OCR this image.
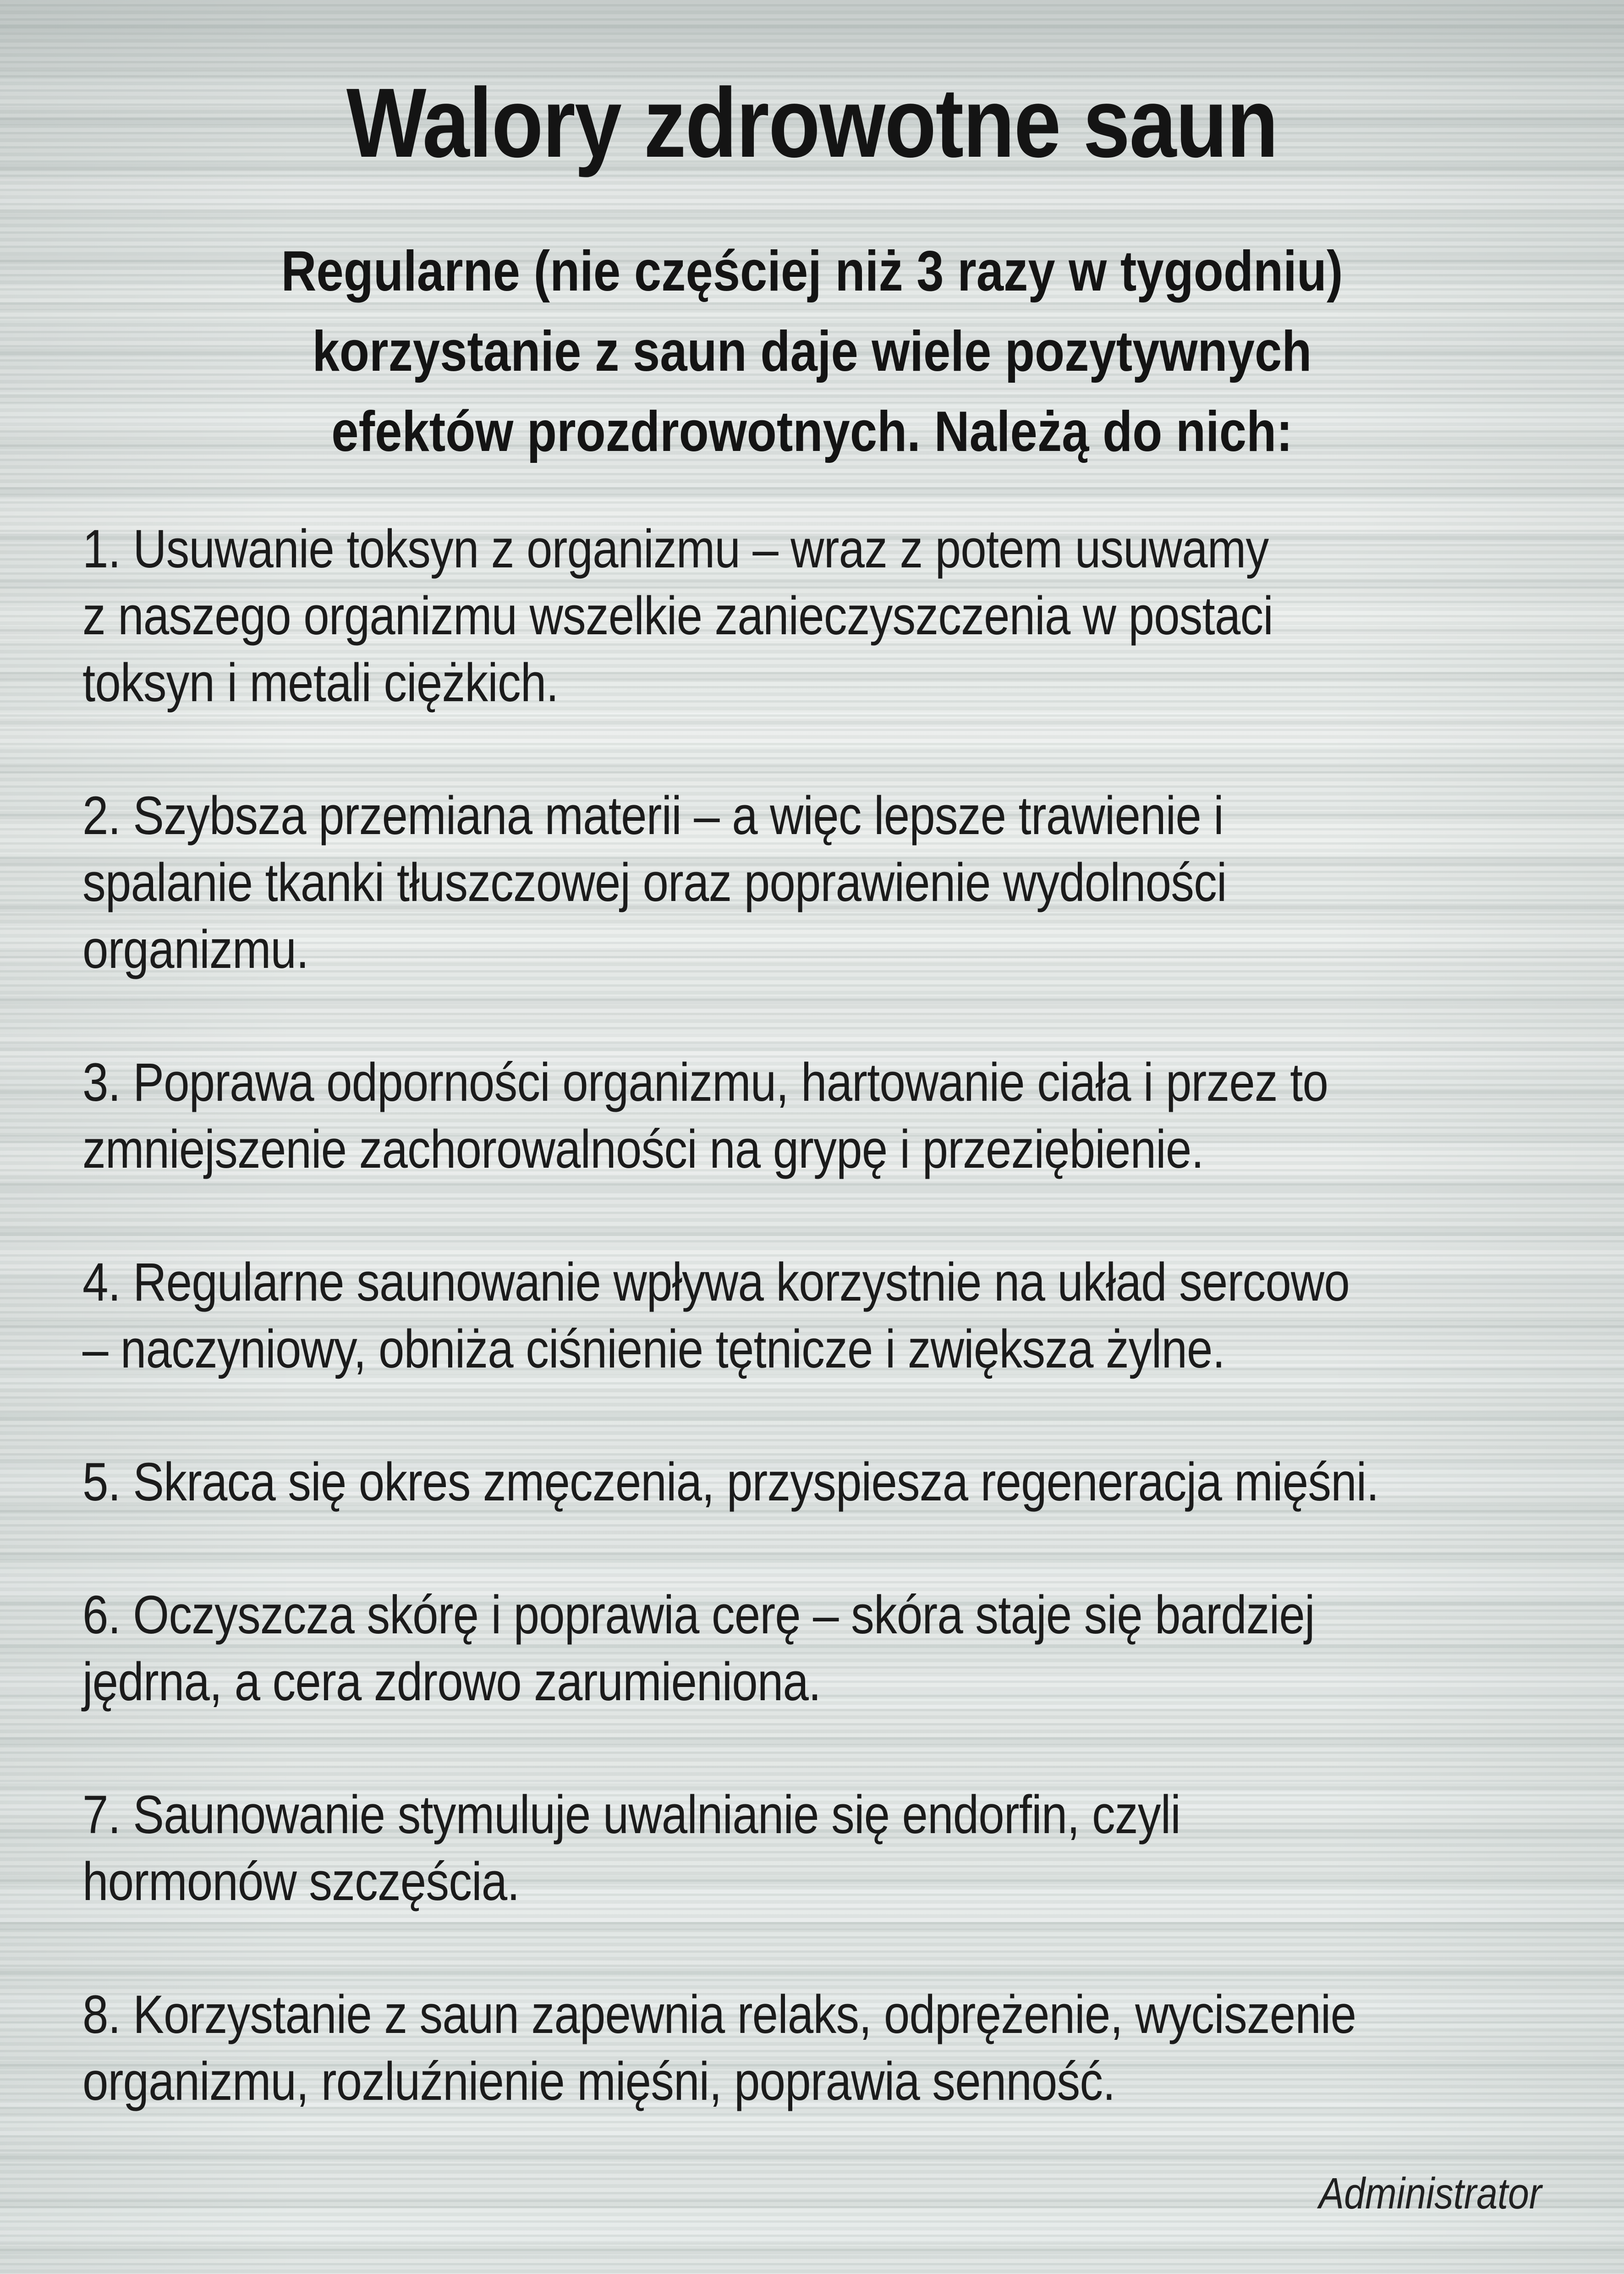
Walory zdrowotne saun
Regularne (nie częściej niż 3 razy w tygodniu)
korzystanie z saun daje wiele pozytywnych
efektów prozdrowotnych. Należą do nich:
1. Usuwanie toksyn z organizmu – wraz z potem usuwamy
z naszego organizmu wszelkie zanieczyszczenia w postaci
toksyn i metali ciężkich.
2. Szybsza przemiana materii – a więc lepsze trawienie i
spalanie tkanki tłuszczowej oraz poprawienie wydolności
organizmu.
3. Poprawa odporności organizmu, hartowanie ciała i przez to
zmniejszenie zachorowalności na grypę i przeziębienie.
4. Regularne saunowanie wpływa korzystnie na układ sercowo
– naczyniowy, obniża ciśnienie tętnicze i zwiększa żylne.
5. Skraca się okres zmęczenia, przyspiesza regeneracja mięśni.
6. Oczyszcza skórę i poprawia cerę – skóra staje się bardziej
jędrna, a cera zdrowo zarumieniona.
7. Saunowanie stymuluje uwalnianie się endorfin, czyli
hormonów szczęścia.
8. Korzystanie z saun zapewnia relaks, odprężenie, wyciszenie
organizmu, rozluźnienie mięśni, poprawia senność.
Administrator
